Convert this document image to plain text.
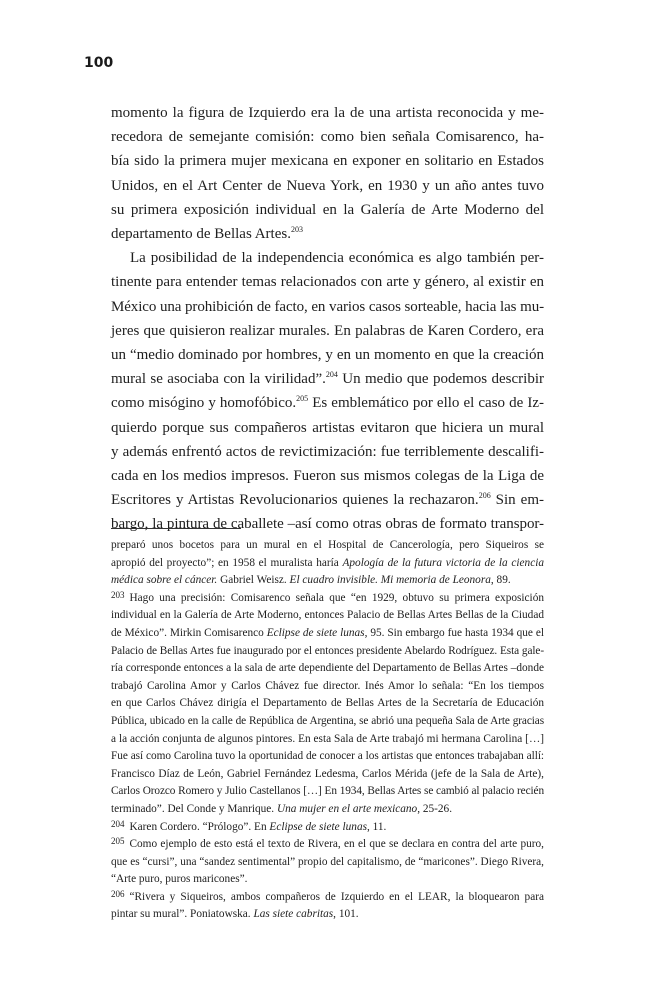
100

momento la figura de Izquierdo era la de una artista reconocida y me-
recedora de semejante comisión: como bien señala Comisarenco, ha-
bía sido la primera mujer mexicana en exponer en solitario en Estados
Unidos, en el Art Center de Nueva York, en 1930 y un año antes tuvo
su primera exposición individual en la Galería de Arte Moderno del
departamento de Bellas Artes.$^{203}$

La posibilidad de la independencia económica es algo también per-
tinente para entender temas relacionados con arte y género, al existir en
México una prohibición de facto, en varios casos sorteable, hacia las mu-
jeres que quisieron realizar murales. En palabras de Karen Cordero, era
un “medio dominado por hombres, y en un momento en que la creación
mural se asociaba con la virilidad”.$^{204}$ Un medio que podemos describir
como misógino y homofóbico.$^{205}$ Es emblemático por ello el caso de Iz-
quierdo porque sus compañeros artistas evitaron que hiciera un mural
y además enfrentó actos de revictimización: fue terriblemente descalifi-
cada en los medios impresos. Fueron sus mismos colegas de la Liga de
Escritores y Artistas Revolucionarios quienes la rechazaron.$^{206}$ Sin em-
bargo, la pintura de caballete –así como otras obras de formato transpor-

preparó unos bocetos para un mural en el Hospital de Cancerología, pero Siqueiros se
apropió del proyecto”; en 1958 el muralista haría Apología de la futura victoria de la ciencia
médica sobre el cáncer. Gabriel Weisz. El cuadro invisible. Mi memoria de Leonora, 89.
$^{203}$ Hago una precisión: Comisarenco señala que “en 1929, obtuvo su primera exposición
individual en la Galería de Arte Moderno, entonces Palacio de Bellas Artes Bellas de la Ciudad
de México”. Mirkin Comisarenco Eclipse de siete lunas, 95. Sin embargo fue hasta 1934 que el
Palacio de Bellas Artes fue inaugurado por el entonces presidente Abelardo Rodríguez. Esta gale-
ría corresponde entonces a la sala de arte dependiente del Departamento de Bellas Artes –donde
trabajó Carolina Amor y Carlos Chávez fue director. Inés Amor lo señala: “En los tiempos
en que Carlos Chávez dirigía el Departamento de Bellas Artes de la Secretaría de Educación
Pública, ubicado en la calle de República de Argentina, se abrió una pequeña Sala de Arte gracias
a la acción conjunta de algunos pintores. En esta Sala de Arte trabajó mi hermana Carolina […]
Fue así como Carolina tuvo la oportunidad de conocer a los artistas que entonces trabajaban allí:
Francisco Díaz de León, Gabriel Fernández Ledesma, Carlos Mérida (jefe de la Sala de Arte),
Carlos Orozco Romero y Julio Castellanos […] En 1934, Bellas Artes se cambió al palacio recién
terminado”. Del Conde y Manrique. Una mujer en el arte mexicano, 25-26.
$^{204}$ Karen Cordero. “Prólogo”. En Eclipse de siete lunas, 11.
$^{205}$ Como ejemplo de esto está el texto de Rivera, en el que se declara en contra del arte puro,
que es “cursi”, una “sandez sentimental” propio del capitalismo, de “maricones”. Diego Rivera,
“Arte puro, puros maricones”.
$^{206}$ “Rivera y Siqueiros, ambos compañeros de Izquierdo en el LEAR, la bloquearon para
pintar su mural”. Poniatowska. Las siete cabritas, 101.
